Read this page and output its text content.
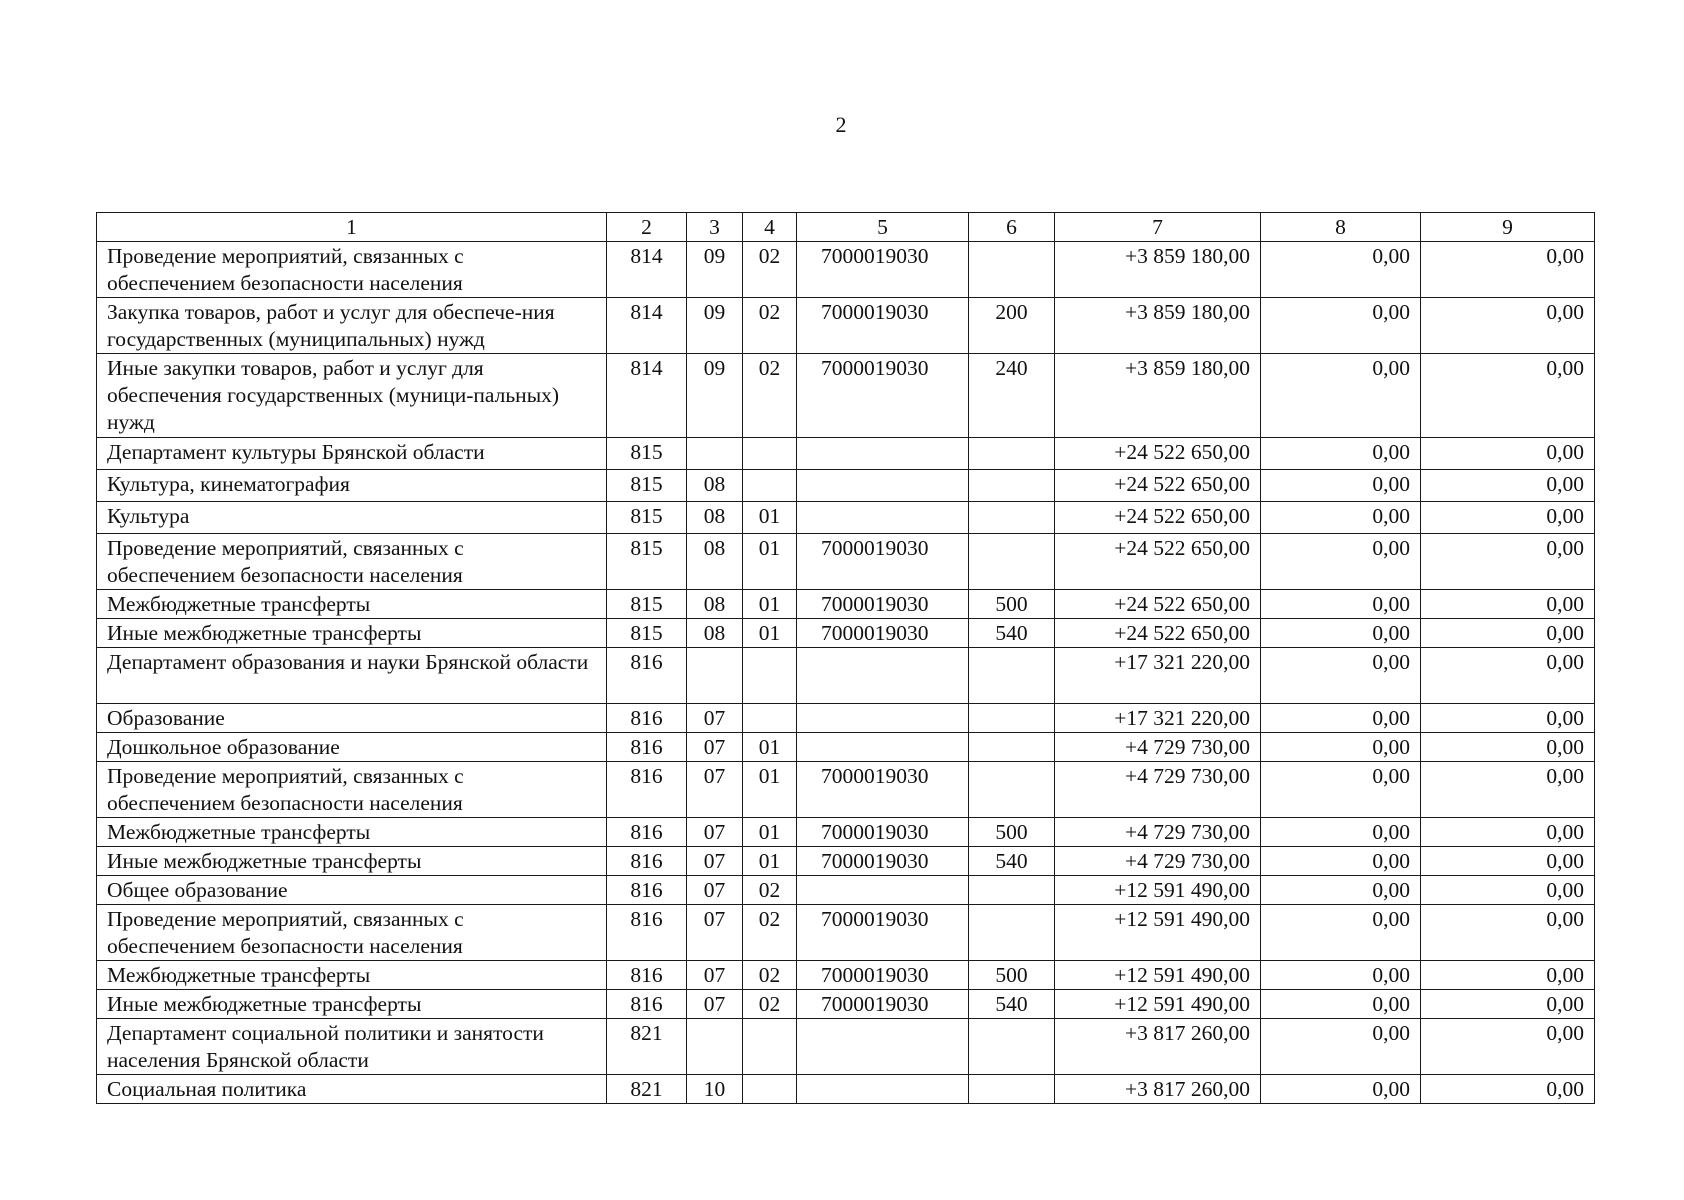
2
1	2	3	4	5	6	7	8	9
Проведение мероприятий, связанных с обеспечением безопасности населения	814	09	02	7000019030		+3 859 180,00	0,00	0,00
Закупка товаров, работ и услуг для обеспече-ния государственных (муниципальных) нужд	814	09	02	7000019030	200	+3 859 180,00	0,00	0,00
Иные закупки товаров, работ и услуг для обеспечения государственных (муници-пальных) нужд	814	09	02	7000019030	240	+3 859 180,00	0,00	0,00
Департамент культуры Брянской области	815					+24 522 650,00	0,00	0,00
Культура, кинематография	815	08				+24 522 650,00	0,00	0,00
Культура	815	08	01			+24 522 650,00	0,00	0,00
Проведение мероприятий, связанных с обеспечением безопасности населения	815	08	01	7000019030		+24 522 650,00	0,00	0,00
Межбюджетные трансферты	815	08	01	7000019030	500	+24 522 650,00	0,00	0,00
Иные межбюджетные трансферты	815	08	01	7000019030	540	+24 522 650,00	0,00	0,00
Департамент образования и науки Брянской области	816					+17 321 220,00	0,00	0,00
Образование	816	07				+17 321 220,00	0,00	0,00
Дошкольное образование	816	07	01			+4 729 730,00	0,00	0,00
Проведение мероприятий, связанных с обеспечением безопасности населения	816	07	01	7000019030		+4 729 730,00	0,00	0,00
Межбюджетные трансферты	816	07	01	7000019030	500	+4 729 730,00	0,00	0,00
Иные межбюджетные трансферты	816	07	01	7000019030	540	+4 729 730,00	0,00	0,00
Общее образование	816	07	02			+12 591 490,00	0,00	0,00
Проведение мероприятий, связанных с обеспечением безопасности населения	816	07	02	7000019030		+12 591 490,00	0,00	0,00
Межбюджетные трансферты	816	07	02	7000019030	500	+12 591 490,00	0,00	0,00
Иные межбюджетные трансферты	816	07	02	7000019030	540	+12 591 490,00	0,00	0,00
Департамент социальной политики и занятости населения Брянской области	821					+3 817 260,00	0,00	0,00
Социальная политика	821	10				+3 817 260,00	0,00	0,00
